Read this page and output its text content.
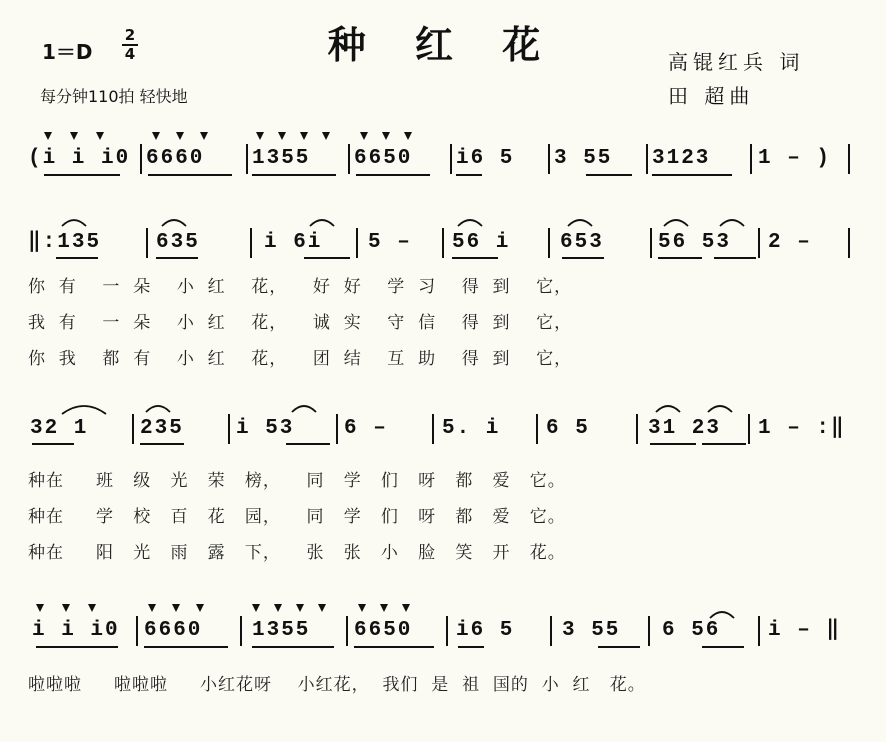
种 红 花
1＝D
2
4
每分钟110拍 轻快地
高锟红兵 词
田 超曲
(i i i0 6660 1355 6650 i6 5 3 55 3123 1 – )
‖:135	635	i 6i 5 – 56 i 653	56 53 2 –
32 1 235 i 53 6 –	5. i 6 5	31 23 1 – :‖
i i i0 6660 1355 6650 i6 5 3 55 6 56 i – ‖
你  有    一  朵    小  红    花，    好  好    学  习    得  到    它，
我  有    一  朵    小  红    花，    诚  实    守  信    得  到    它，
你  我    都  有    小  红    花，    团  结    互  助    得  到    它，
种在     班   级   光   荣   榜，    同   学   们   呀   都   爱   它。
种在     学   校   百   花   园，    同   学   们   呀   都   爱   它。
种在     阳   光   雨   露   下，    张   张   小   脸   笑   开   花。
啦啦啦     啦啦啦     小红花呀    小红花，  我们  是  祖  国的  小  红   花。
